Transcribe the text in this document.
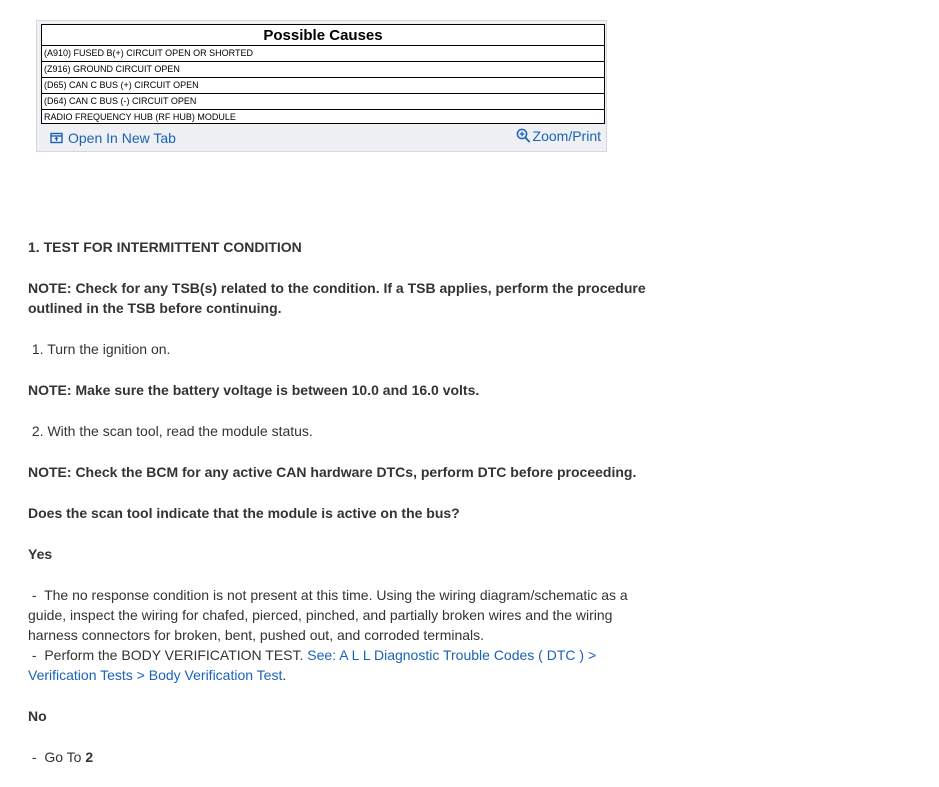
Possible Causes
(A910) FUSED B(+) CIRCUIT OPEN OR SHORTED
(Z916) GROUND CIRCUIT OPEN
(D65) CAN C BUS (+) CIRCUIT OPEN
(D64) CAN C BUS (-) CIRCUIT OPEN
RADIO FREQUENCY HUB (RF HUB) MODULE
Open In New Tab	Zoom/Print

1. TEST FOR INTERMITTENT CONDITION

NOTE: Check for any TSB(s) related to the condition. If a TSB applies, perform the procedure
outlined in the TSB before continuing.

1. Turn the ignition on.

NOTE: Make sure the battery voltage is between 10.0 and 16.0 volts.

2. With the scan tool, read the module status.

NOTE: Check the BCM for any active CAN hardware DTCs, perform DTC before proceeding.

Does the scan tool indicate that the module is active on the bus?

Yes

-  The no response condition is not present at this time. Using the wiring diagram/schematic as a
guide, inspect the wiring for chafed, pierced, pinched, and partially broken wires and the wiring
harness connectors for broken, bent, pushed out, and corroded terminals.
-  Perform the BODY VERIFICATION TEST. See: A L L Diagnostic Trouble Codes ( DTC ) >
Verification Tests > Body Verification Test.

No

-  Go To 2
